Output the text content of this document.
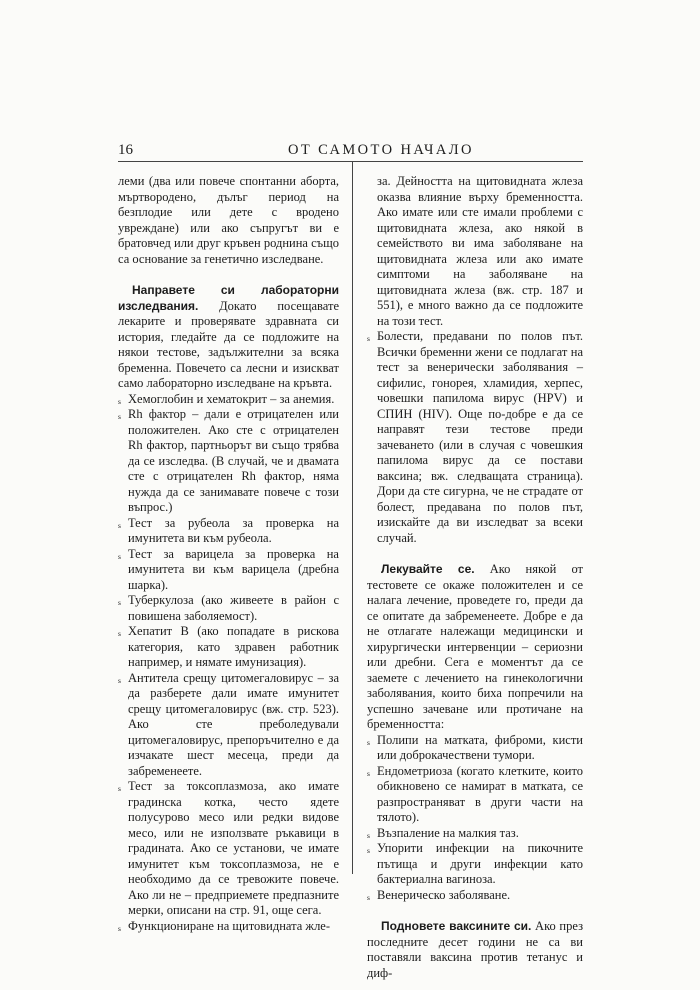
16	ОТ САМОТО НАЧАЛО

леми (два или повече спонтанни аборта, мъртвородено, дълъг период на безплодие или дете с вродено увреждане) или ако съпругът ви е братовчед или друг кръвен роднина също са основание за генетично изследване.

Направете си лабораторни изследвания. Докато посещавате лекарите и проверявате здравната си история, гледайте да се подложите на някои тестове, задължителни за всяка бременна. Повечето са лесни и изискват само лабораторно изследване на кръвта.

s Хемоглобин и хематокрит – за анемия.
s Rh фактор – дали е отрицателен или положителен. Ако сте с отрицателен Rh фактор, партньорът ви също трябва да се изследва. (В случай, че и двамата сте с отрицателен Rh фактор, няма нужда да се занимавате повече с този въпрос.)
s Тест за рубеола за проверка на имунитета ви към рубеола.
s Тест за варицела за проверка на имунитета ви към варицела (дребна шарка).
s Туберкулоза (ако живеете в район с повишена заболяемост).
s Хепатит B (ако попадате в рискова категория, като здравен работник например, и нямате имунизация).
s Антитела срещу цитомегаловирус – за да разберете дали имате имунитет срещу цитомегаловирус (вж. стр. 523). Ако сте преболедували цитомегаловирус, препоръчително е да изчакате шест месеца, преди да забременеете.
s Тест за токсоплазмоза, ако имате градинска котка, често ядете полусурово месо или редки видове месо, или не използвате ръкавици в градината. Ако се установи, че имате имунитет към токсоплазмоза, не е необходимо да се тревожите повече. Ако ли не – предприемете предпазните мерки, описани на стр. 91, още сега.
s Функциониране на щитовидната жле-
за. Дейността на щитовидната жлеза оказва влияние върху бременността. Ако имате или сте имали проблеми с щитовидната жлеза, ако някой в семейството ви има заболяване на щитовидната жлеза или ако имате симптоми на заболяване на щитовидната жлеза (вж. стр. 187 и 551), е много важно да се подложите на този тест.
s Болести, предавани по полов път. Всички бременни жени се подлагат на тест за венерически заболявания – сифилис, гонорея, хламидия, херпес, човешки папилома вирус (HPV) и СПИН (HIV). Още по-добре е да се направят тези тестове преди зачеването (или в случая с човешкия папилома вирус да се постави ваксина; вж. следващата страница). Дори да сте сигурна, че не страдате от болест, предавана по полов път, изискайте да ви изследват за всеки случай.

Лекувайте се. Ако някой от тестовете се окаже положителен и се налага лечение, проведете го, преди да се опитате да забременеете. Добре е да не отлагате належащи медицински и хирургически интервенции – сериозни или дребни. Сега е моментът да се заемете с лечението на гинекологични заболявания, които биха попречили на успешно зачеване или протичане на бременността:

s Полипи на матката, фиброми, кисти или доброкачествени тумори.
s Ендометриоза (когато клетките, които обикновено се намират в матката, се разпространяват в други части на тялото).
s Възпаление на малкия таз.
s Упорити инфекции на пикочните пътища и други инфекции като бактериална вагиноза.
s Венерическо заболяване.

Подновете ваксините си. Ако през последните десет години не са ви поставяли ваксина против тетанус и диф-
